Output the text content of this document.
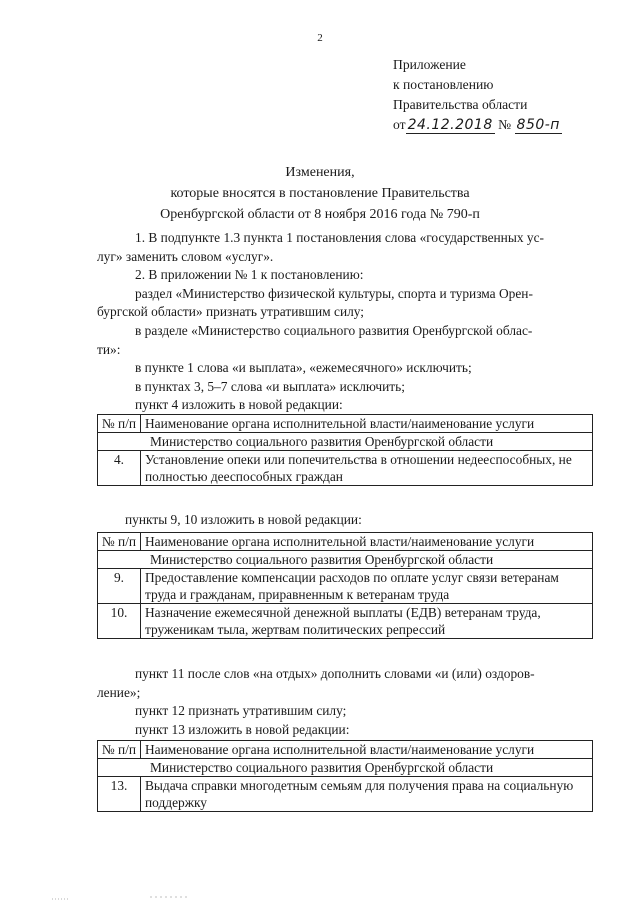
2
Приложение
к постановлению
Правительства области
от 24.12.2018 № 850-п
Изменения,
которые вносятся в постановление Правительства
Оренбургской области от 8 ноября 2016 года № 790-п
1. В подпункте 1.3 пункта 1 постановления слова «государственных ус-
луг» заменить словом «услуг».
2. В приложении № 1 к постановлению:
раздел «Министерство физической культуры, спорта и туризма Орен-
бургской области» признать утратившим силу;
в разделе «Министерство социального развития Оренбургской облас-
ти»:
в пункте 1 слова «и выплата», «ежемесячного» исключить;
в пунктах 3, 5–7 слова «и выплата» исключить;
пункт 4 изложить в новой редакции:
№ п/п	Наименование органа исполнительной власти/наименование услуги
Министерство социального развития Оренбургской области	
4.	Установление опеки или попечительства в отношении недееспособных, не полностью дееспособных граждан
пункты 9, 10 изложить в новой редакции:
№ п/п	Наименование органа исполнительной власти/наименование услуги
Министерство социального развития Оренбургской области	
9.	Предоставление компенсации расходов по оплате услуг связи ветеранам труда и гражданам, приравненным к ветеранам труда
10.	Назначение ежемесячной денежной выплаты (ЕДВ) ветеранам труда, труженикам тыла, жертвам политических репрессий
пункт 11 после слов «на отдых» дополнить словами «и (или) оздоров-
ление»;
пункт 12 признать утратившим силу;
пункт 13 изложить в новой редакции:
№ п/п	Наименование органа исполнительной власти/наименование услуги
Министерство социального развития Оренбургской области	
13.	Выдача справки многодетным семьям для получения права на социальную поддержку
